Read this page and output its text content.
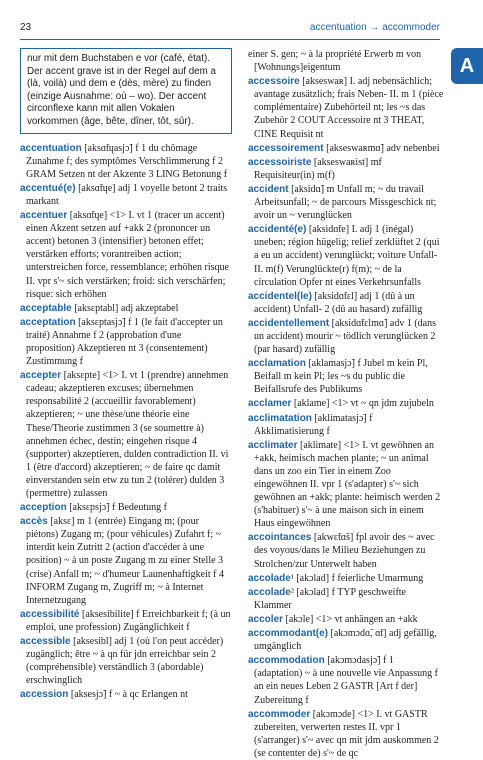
23	accentuation → accommoder
A
nur mit dem Buchstaben e vor (café, état). Der accent grave ist in der Regel auf dem a (là, voilà) und dem e (dès, mère) zu finden (einzige Ausnahme: où – wo). Der accent circonflexe kann mit allen Vokalen vorkommen (âge, bête, dîner, tôt, sûr).
accentuation [aksɑ̃tɥasjɔ̃] f 1 du chômage Zunahme f; des symptômes Verschlimmerung f 2 GRAM Setzen nt der Akzente 3 LING Betonung f
accentué(e) [aksɑ̃tɥe] adj 1 voyelle betont 2 traits markant
accentuer [aksɑ̃tɥe] <1> I. vt 1 (tracer un accent) einen Akzent setzen auf +akk 2 (prononcer un accent) betonen 3 (intensifier) betonen effet; verstärken efforts; vorantreiben action; unterstreichen force, ressemblance; erhöhen risque II. vpr s'~ sich verstärken; froid: sich verschärfen; risque: sich erhöhen
acceptable [aksɛptabl] adj akzeptabel
acceptation [aksɛptasjɔ̃] f 1 (le fait d'accepter un traité) Annahme f 2 (approbation d'une proposition) Akzeptieren nt 3 (consentement) Zustimmung f
accepter [aksɛpte] <1> I. vt 1 (prendre) annehmen cadeau; akzeptieren excuses; übernehmen responsabilité 2 (accueillir favorablement) akzeptieren; ~ une thèse/une théorie eine These/Theorie zustimmen 3 (se soumettre à) annehmen échec, destin; eingehen risque 4 (supporter) akzeptieren, dulden contradiction II. vi 1 (être d'accord) akzeptieren; ~ de faire qc damit einverstanden sein etw zu tun 2 (tolérer) dulden 3 (permettre) zulassen
acception [aksɛpsjɔ̃] f Bedeutung f
accès [aksɛ] m 1 (entrée) Eingang m; (pour piétons) Zugang m; (pour véhicules) Zufahrt f; ~ interdit kein Zutritt 2 (action d'accéder à une position) ~ à un poste Zugang m zu einer Stelle 3 (crise) Anfall m; ~ d'humeur Launenhaftigkeit f 4 INFORM Zugang m, Zugriff m; ~ à Internet Internetzugang
accessibilité [aksesibilite] f Erreichbarkeit f; (à un emploi, une profession) Zugänglichkeit f
accessible [aksesibl] adj 1 (où l'on peut accéder) zugänglich; être ~ à qn für jdn erreichbar sein 2 (compréhensible) verständlich 3 (abordable) erschwinglich
accession [aksesjɔ̃] f ~ à qc Erlangen nt
einer S. gen; ~ à la propriété Erwerb m von [Wohnungs]eigentum
accessoire [akseswaʀ] I. adj nebensächlich; avantage zusätzlich; frais Neben- II. m 1 (pièce complémentaire) Zubehörteil nt; les ~s das Zubehör 2 COUT Accessoire nt 3 THEAT, CINE Requisit nt
accessoirement [akseswaʀmɑ̃] adv nebenbei
accessoiriste [akseswaʀist] mf Requisiteur(in) m(f)
accident [aksidɑ̃] m Unfall m; ~ du travail Arbeitsunfall; ~ de parcours Missgeschick nt; avoir un ~ verunglücken
accidenté(e) [aksidɑ̃te] I. adj 1 (inégal) uneben; région hügelig; relief zerklüftet 2 (qui a eu un accident) verunglückt; voiture Unfall- II. m(f) Verunglückte(r) f(m); ~ de la circulation Opfer nt eines Verkehrsunfalls
accidentel(le) [aksidɑ̃tɛl] adj 1 (dû à un accident) Unfall- 2 (dû au hasard) zufällig
accidentellement [aksidɑ̃tɛlmɑ̃] adv 1 (dans un accident) mourir ~ tödlich verunglücken 2 (par hasard) zufällig
acclamation [aklamasjɔ̃] f Jubel m kein Pl, Beifall m kein Pl; les ~s du public die Beifallsrufe des Publikums
acclamer [aklame] <1> vt ~ qn jdm zujubeln
acclimatation [aklimatasjɔ̃] f Akklimatisierung f
acclimater [aklimate] <1> I. vt gewöhnen an +akk, heimisch machen plante; ~ un animal dans un zoo ein Tier in einem Zoo eingewöhnen II. vpr 1 (s'adapter) s'~ sich gewöhnen an +akk; plante: heimisch werden 2 (s'habituer) s'~ à une maison sich in einem Haus eingewöhnen
accointances [akwɛ̃tɑ̃s] fpl avoir des ~ avec des voyous/dans le Milieu Beziehungen zu Strolchen/zur Unterwelt haben
accolade¹ [akɔlad] f feierliche Umarmung
accolade² [akɔlad] f TYP geschweifte Klammer
accoler [akɔle] <1> vt anhängen an +akk
accommodant(e) [akɔmɔdɑ̃, ɑ̃t] adj gefällig, umgänglich
accommodation [akɔmɔdasjɔ̃] f 1 (adaptation) ~ à une nouvelle vie Anpassung f an ein neues Leben 2 GASTR [Art f der] Zubereitung f
accommoder [akɔmɔde] <1> I. vt GASTR zubereiten, verwerten restes II. vpr 1 (s'arranger) s'~ avec qn mit jdm auskommen 2 (se contenter de) s'~ de qc
